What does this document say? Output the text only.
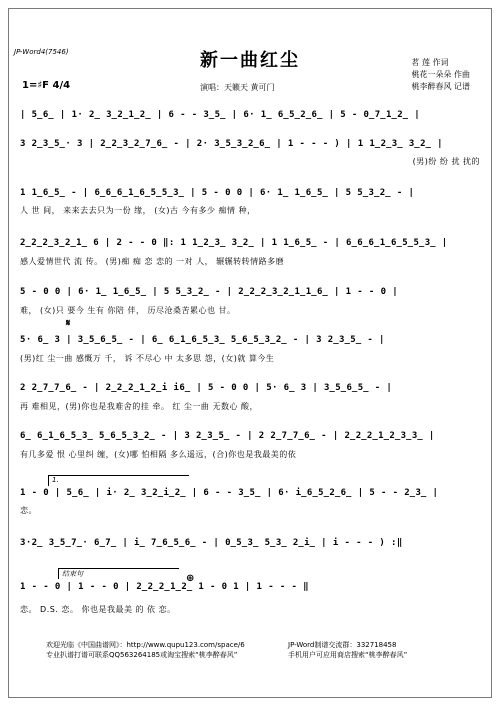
JP-Word4(7546)	新一曲红尘
1=♯F 4/4	演唱：天籁天 黄可门
茗 莲 作词
桃花一朵朵 作曲
桃李醉春风 记谱
| 5̲6̲ | 1· 2̲ 3̲2̲1̲2̲ | 6 - - 3̲5̲ | 6· 1̲ 6̲5̲2̲6̲ | 5 - 0̲7̲1̲2̲ |
3 2̲3̲5̲· 3 | 2̲2̲3̲2̲7̲6̲ - | 2· 3̲5̲3̲2̲6̲ | 1 - - - ) | 1 1̲2̲3̲ 3̲2̲ |
(男)纷 纷 扰 扰的
1 1̲6̲5̲ - | 6̲6̲6̲1̲6̲5̲5̲3̲ | 5 - 0 0 | 6· 1̲ 1̲6̲5̲ | 5 5̲3̲2̲ - |
人 世 间， 来来去去只为一份 缘， (女)古 今有多少 痴情 种，
2̲2̲2̲3̲2̲1̲ 6 | 2 - - 0 ‖: 1 1̲2̲3̲ 3̲2̲ | 1 1̲6̲5̲ - | 6̲6̲6̲1̲6̲5̲5̲3̲ |
感人爱情世代 流 传。 (男)痴 痴 恋 恋的 一对 人， 辗辗转转情路多磨
5 - 0 0 | 6· 1̲ 1̲6̲5̲ | 5 5̲3̲2̲ - | 2̲2̲2̲3̲2̲1̲1̲6̲ | 1 - - 0 |
难， (女)只 要今 生有 你陪 伴， 历尽沧桑苦累心也 甘。
𝄋
5· 6̲ 3 | 3̲5̲6̲5̲ - | 6̲ 6̲1̲6̲5̲3̲ 5̲6̲5̲3̲2̲ - | 3 2̲3̲5̲ - |
(男)红 尘一曲 感慨万 千， 诉 不尽心 中 太多思 怨，(女)就 算今生
2 2̲7̲7̲6̲ - | 2̲2̲2̲1̲2̲i i6̲ | 5 - 0 0 | 5· 6̲ 3 | 3̲5̲6̲5̲ - |
再 难相见，(男)你也是我难舍的挂 牵。 红 尘一曲 无数心 酸，
6̲ 6̲1̲6̲5̲3̲ 5̲6̲5̲3̲2̲ - | 3 2̲3̲5̲ - | 2 2̲7̲7̲6̲ - | 2̲2̲2̲1̲2̲3̲3̲ |
有几多爱 恨 心里纠 缠，(女)哪 怕相隔 多么遥远，(合)你也是我最美的依
1.
1 - 0 | 5̲6̲ | i· 2̲ 3̲2̲i̲2̲ | 6 - - 3̲5̲ | 6· i̲6̲5̲2̲6̲ | 5 - - 2̲3̲ |
恋。
3·2̲ 3̲5̲7̲· 6̲7̲ | i̲ 7̲6̲5̲6̲ - | 0̲5̲3̲ 5̲3̲ 2̲i̲ | i - - - ) :‖
结束句	⊕
1 - - 0 | 1 - - 0 | 2̲2̲2̲1̲2̲ 1 - 0 1 | 1 - - - ‖
恋。 D.S. 恋。 你也是我最美 的 依 恋。
欢迎光临《中国曲谱网》：http://www.qupu123.com/space/6
专业扒谱打谱可联系QQ563264185或淘宝搜索“桃李醉春风”
JP-Word制谱交流群：332718458
手机用户可应用商店搜索“桃李醉春风”
